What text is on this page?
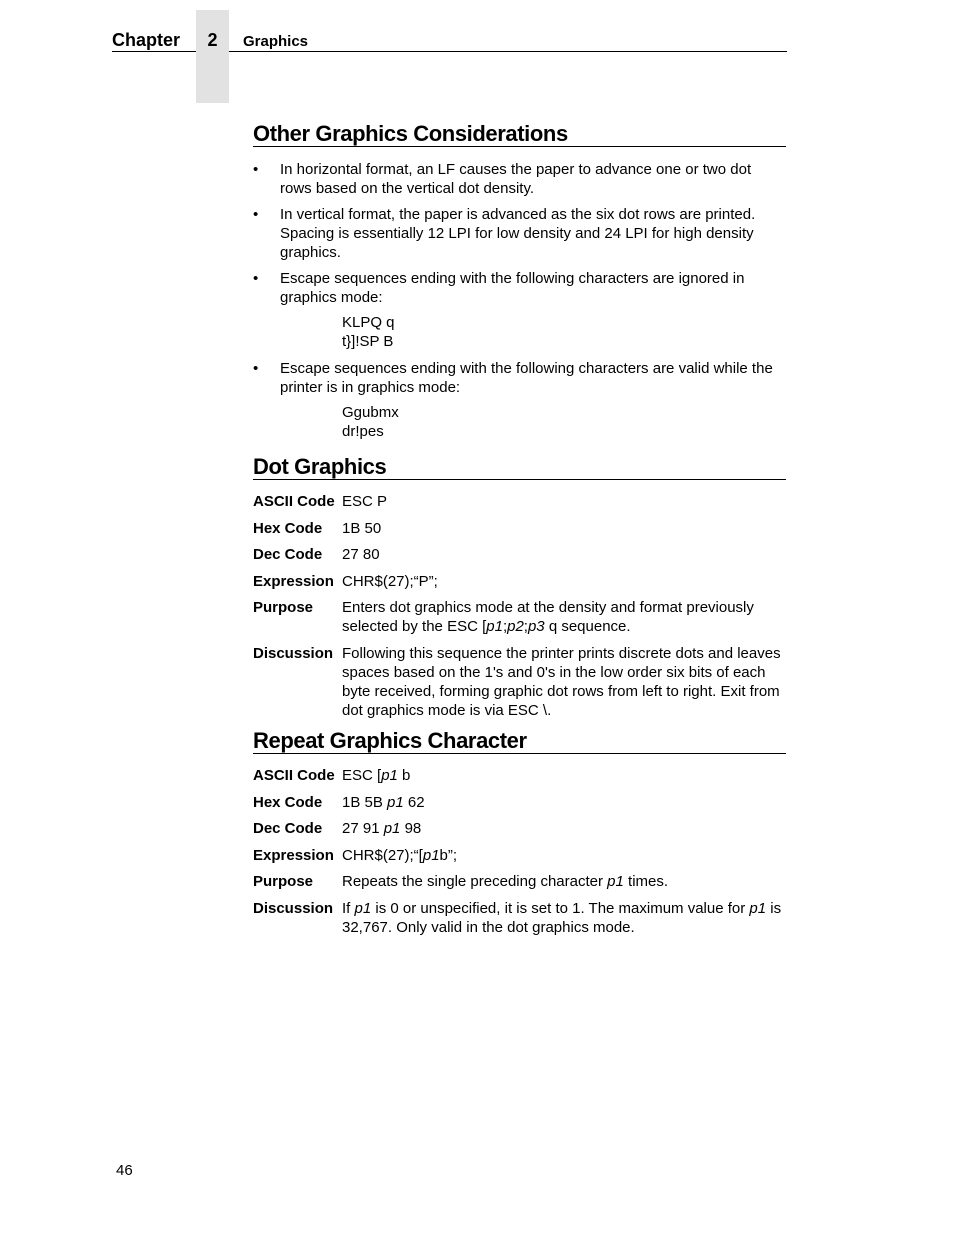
Chapter	2	Graphics
Other Graphics Considerations
• In horizontal format, an LF causes the paper to advance one or two dot rows based on the vertical dot density.
• In vertical format, the paper is advanced as the six dot rows are printed. Spacing is essentially 12 LPI for low density and 24 LPI for high density graphics.
• Escape sequences ending with the following characters are ignored in graphics mode:
KLPQ q
t}]!SP B
• Escape sequences ending with the following characters are valid while the printer is in graphics mode:
Ggubmx
dr!pes
Dot Graphics
ASCII Code	ESC P
Hex Code	1B 50
Dec Code	27 80
Expression	CHR$(27);“P”;
Purpose	Enters dot graphics mode at the density and format previously selected by the ESC [p1;p2;p3 q sequence.
Discussion	Following this sequence the printer prints discrete dots and leaves spaces based on the 1's and 0's in the low order six bits of each byte received, forming graphic dot rows from left to right. Exit from dot graphics mode is via ESC \.
Repeat Graphics Character
ASCII Code	ESC [p1 b
Hex Code	1B 5B p1 62
Dec Code	27 91 p1 98
Expression	CHR$(27);“[p1b”;
Purpose	Repeats the single preceding character p1 times.
Discussion	If p1 is 0 or unspecified, it is set to 1. The maximum value for p1 is 32,767. Only valid in the dot graphics mode.
46
